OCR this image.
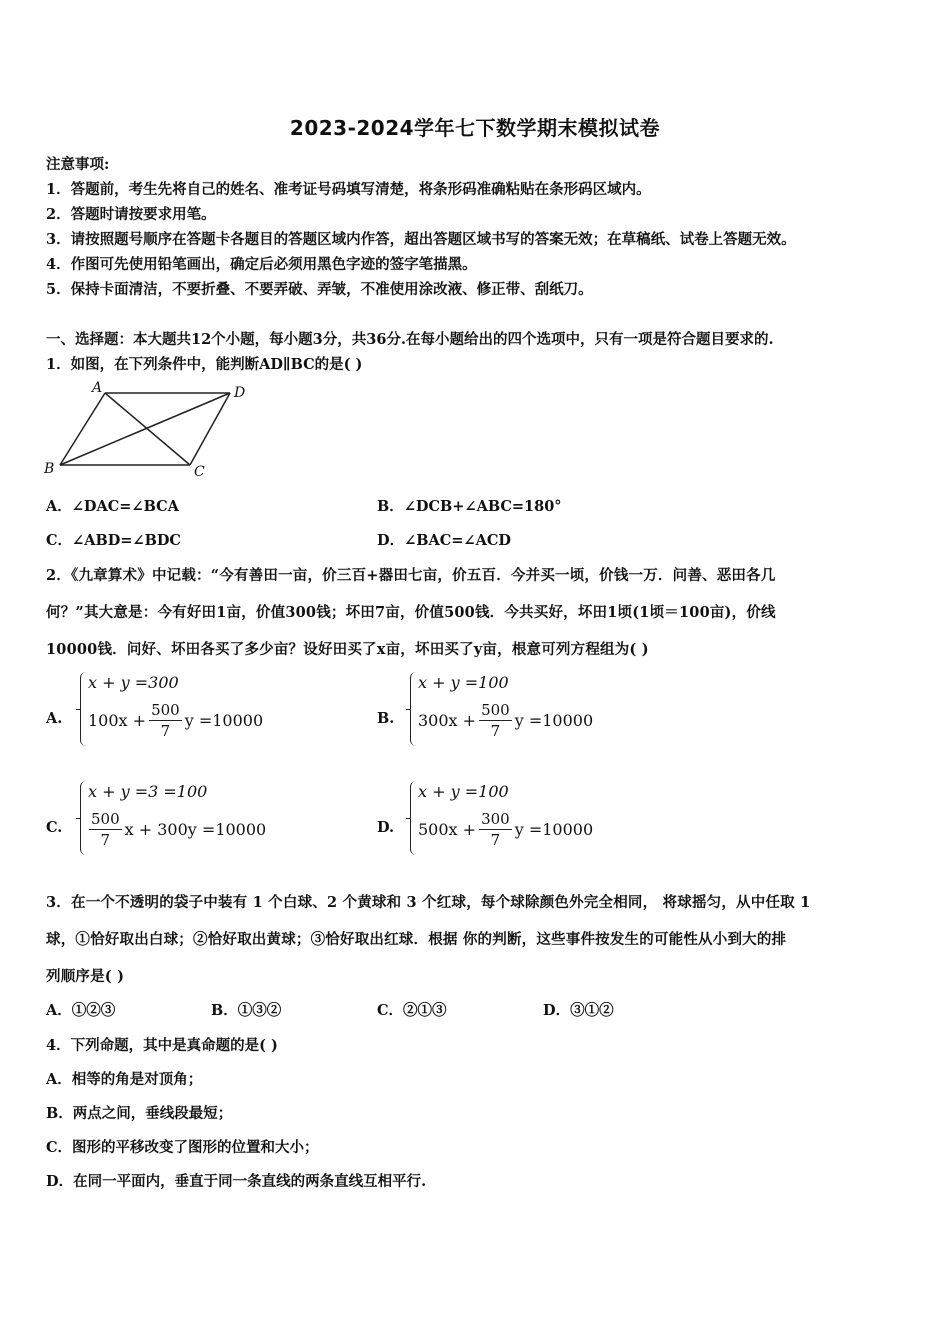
2023-2024学年七下数学期末模拟试卷
注意事项:
1．答题前，考生先将自己的姓名、准考证号码填写清楚，将条形码准确粘贴在条形码区域内。
2．答题时请按要求用笔。
3．请按照题号顺序在答题卡各题目的答题区域内作答，超出答题区域书写的答案无效；在草稿纸、试卷上答题无效。
4．作图可先使用铅笔画出，确定后必须用黑色字迹的签字笔描黑。
5．保持卡面清洁，不要折叠、不要弄破、弄皱，不准使用涂改液、修正带、刮纸刀。
一、选择题：本大题共12个小题，每小题3分，共36分.在每小题给出的四个选项中，只有一项是符合题目要求的.
1．如图，在下列条件中，能判断AD∥BC的是( )
A	D
B	C
A．∠DAC=∠BCA	B．∠DCB+∠ABC=180°
C．∠ABD=∠BDC	D．∠BAC=∠ACD
2．《九章算术》中记载：“今有善田一亩，价三百+器田七亩，价五百．今并买一顷，价钱一万．问善、恶田各几
何？”其大意是：今有好田1亩，价值300钱；坏田7亩，价值500钱．今共买好，坏田1顷(1顷＝100亩)，价线
10000钱．问好、坏田各买了多少亩？设好田买了x亩，坏田买了y亩，根意可列方程组为( )
A.
x + y =300
$100x + \frac{500}{7}$ y =10000	B.
x + y =100
$300x + \frac{500}{7}$ y =10000
C.
x + y =3 =100
$\frac{500}{7}$ x + 300y =10000	D.
x + y =100
$500x + \frac{300}{7}$ y =10000
3．在一个不透明的袋子中装有 1 个白球、2 个黄球和 3 个红球，每个球除颜色外完全相同， 将球摇匀，从中任取 1
球，①恰好取出白球；②恰好取出黄球；③恰好取出红球．根据 你的判断，这些事件按发生的可能性从小到大的排
列顺序是( )
A．①②③	B．①③②	C．②①③	D．③①②
4．下列命题，其中是真命题的是( )
A．相等的角是对顶角；
B．两点之间，垂线段最短；
C．图形的平移改变了图形的位置和大小；
D．在同一平面内，垂直于同一条直线的两条直线互相平行.
